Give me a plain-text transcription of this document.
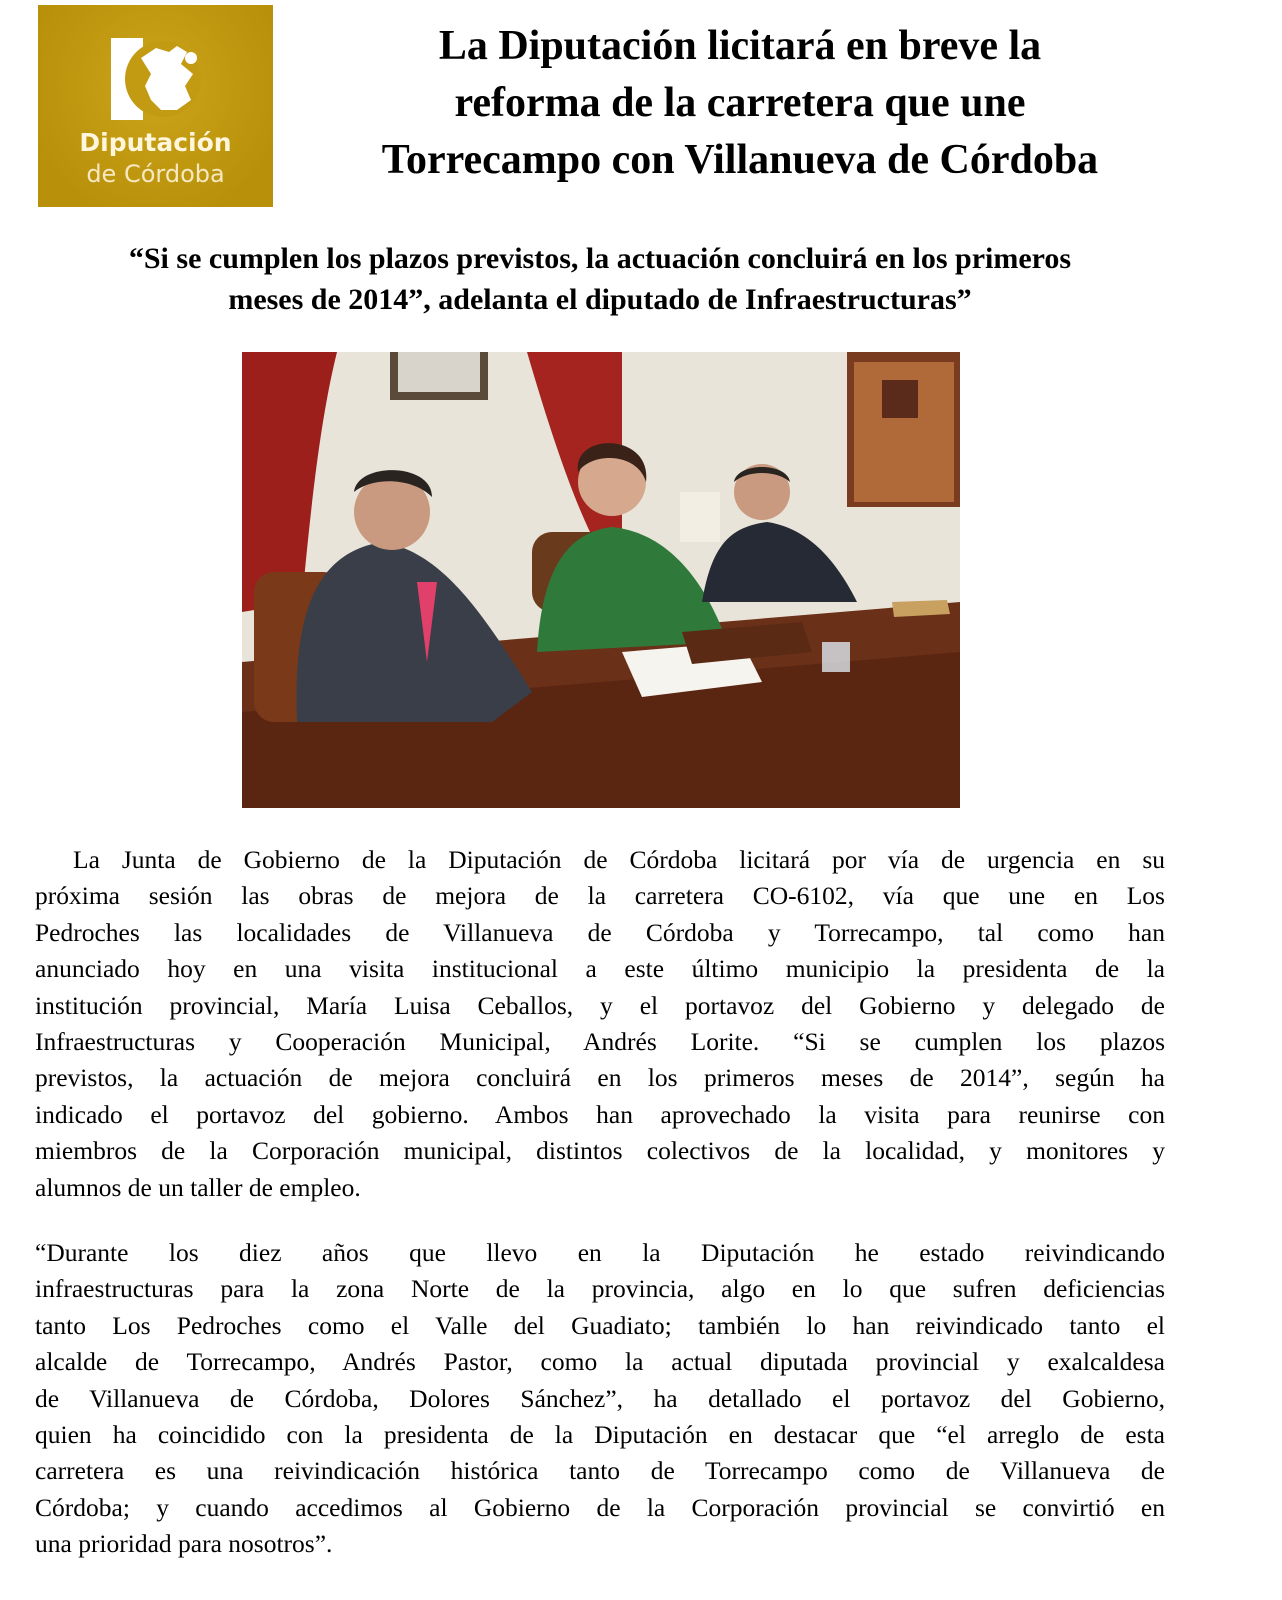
Diputación
de Córdoba
La Diputación licitará en breve la
reforma de la carretera que une
Torrecampo con Villanueva de Córdoba
“Si se cumplen los plazos previstos, la actuación concluirá en los primeros
meses de 2014”, adelanta el diputado de Infraestructuras”
La Junta de Gobierno de la Diputación de Córdoba licitará por vía de urgencia en su
próxima sesión las obras de mejora de la carretera CO-6102, vía que une en Los
Pedroches las localidades de Villanueva de Córdoba y Torrecampo, tal como han
anunciado hoy en una visita institucional a este último municipio la presidenta de la
institución provincial, María Luisa Ceballos, y el portavoz del Gobierno y delegado de
Infraestructuras y Cooperación Municipal, Andrés Lorite. “Si se cumplen los plazos
previstos, la actuación de mejora concluirá en los primeros meses de 2014”, según ha
indicado el portavoz del gobierno. Ambos han aprovechado la visita para reunirse con
miembros de la Corporación municipal, distintos colectivos de la localidad, y monitores y
alumnos de un taller de empleo.
“Durante los diez años que llevo en la Diputación he estado reivindicando
infraestructuras para la zona Norte de la provincia, algo en lo que sufren deficiencias
tanto Los Pedroches como el Valle del Guadiato; también lo han reivindicado tanto el
alcalde de Torrecampo, Andrés Pastor, como la actual diputada provincial y exalcaldesa
de Villanueva de Córdoba, Dolores Sánchez”, ha detallado el portavoz del Gobierno,
quien ha coincidido con la presidenta de la Diputación en destacar que “el arreglo de esta
carretera es una reivindicación histórica tanto de Torrecampo como de Villanueva de
Córdoba; y cuando accedimos al Gobierno de la Corporación provincial se convirtió en
una prioridad para nosotros”.
